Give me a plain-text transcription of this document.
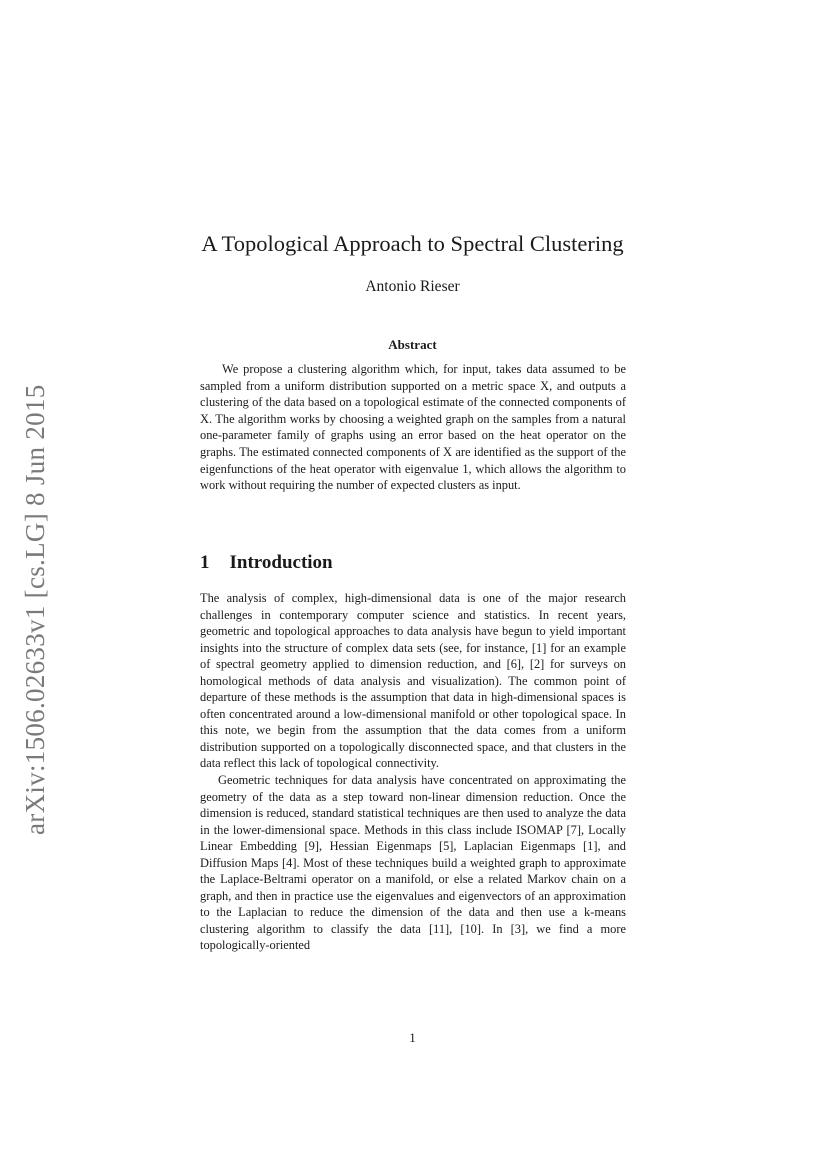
arXiv:1506.02633v1 [cs.LG] 8 Jun 2015
A Topological Approach to Spectral Clustering
Antonio Rieser
Abstract

We propose a clustering algorithm which, for input, takes data assumed to be sampled from a uniform distribution supported on a metric space X, and outputs a clustering of the data based on a topological estimate of the connected components of X. The algorithm works by choosing a weighted graph on the samples from a natural one-parameter family of graphs using an error based on the heat operator on the graphs. The estimated connected components of X are identified as the support of the eigenfunctions of the heat operator with eigenvalue 1, which allows the algorithm to work without requiring the number of expected clusters as input.

1 Introduction

The analysis of complex, high-dimensional data is one of the major research challenges in contemporary computer science and statistics. In recent years, geometric and topological approaches to data analysis have begun to yield important insights into the structure of complex data sets (see, for instance, [1] for an example of spectral geometry applied to dimension reduction, and [6], [2] for surveys on homological methods of data analysis and visualization). The common point of departure of these methods is the assumption that data in high-dimensional spaces is often concentrated around a low-dimensional manifold or other topological space. In this note, we begin from the assumption that the data comes from a uniform distribution supported on a topologically disconnected space, and that clusters in the data reflect this lack of topological connectivity.

Geometric techniques for data analysis have concentrated on approximating the geometry of the data as a step toward non-linear dimension reduction. Once the dimension is reduced, standard statistical techniques are then used to analyze the data in the lower-dimensional space. Methods in this class include ISOMAP [7], Locally Linear Embedding [9], Hessian Eigenmaps [5], Laplacian Eigenmaps [1], and Diffusion Maps [4]. Most of these techniques build a weighted graph to approximate the Laplace-Beltrami operator on a manifold, or else a related Markov chain on a graph, and then in practice use the eigenvalues and eigenvectors of an approximation to the Laplacian to reduce the dimension of the data and then use a k-means clustering algorithm to classify the data [11], [10]. In [3], we find a more topologically-oriented

1
